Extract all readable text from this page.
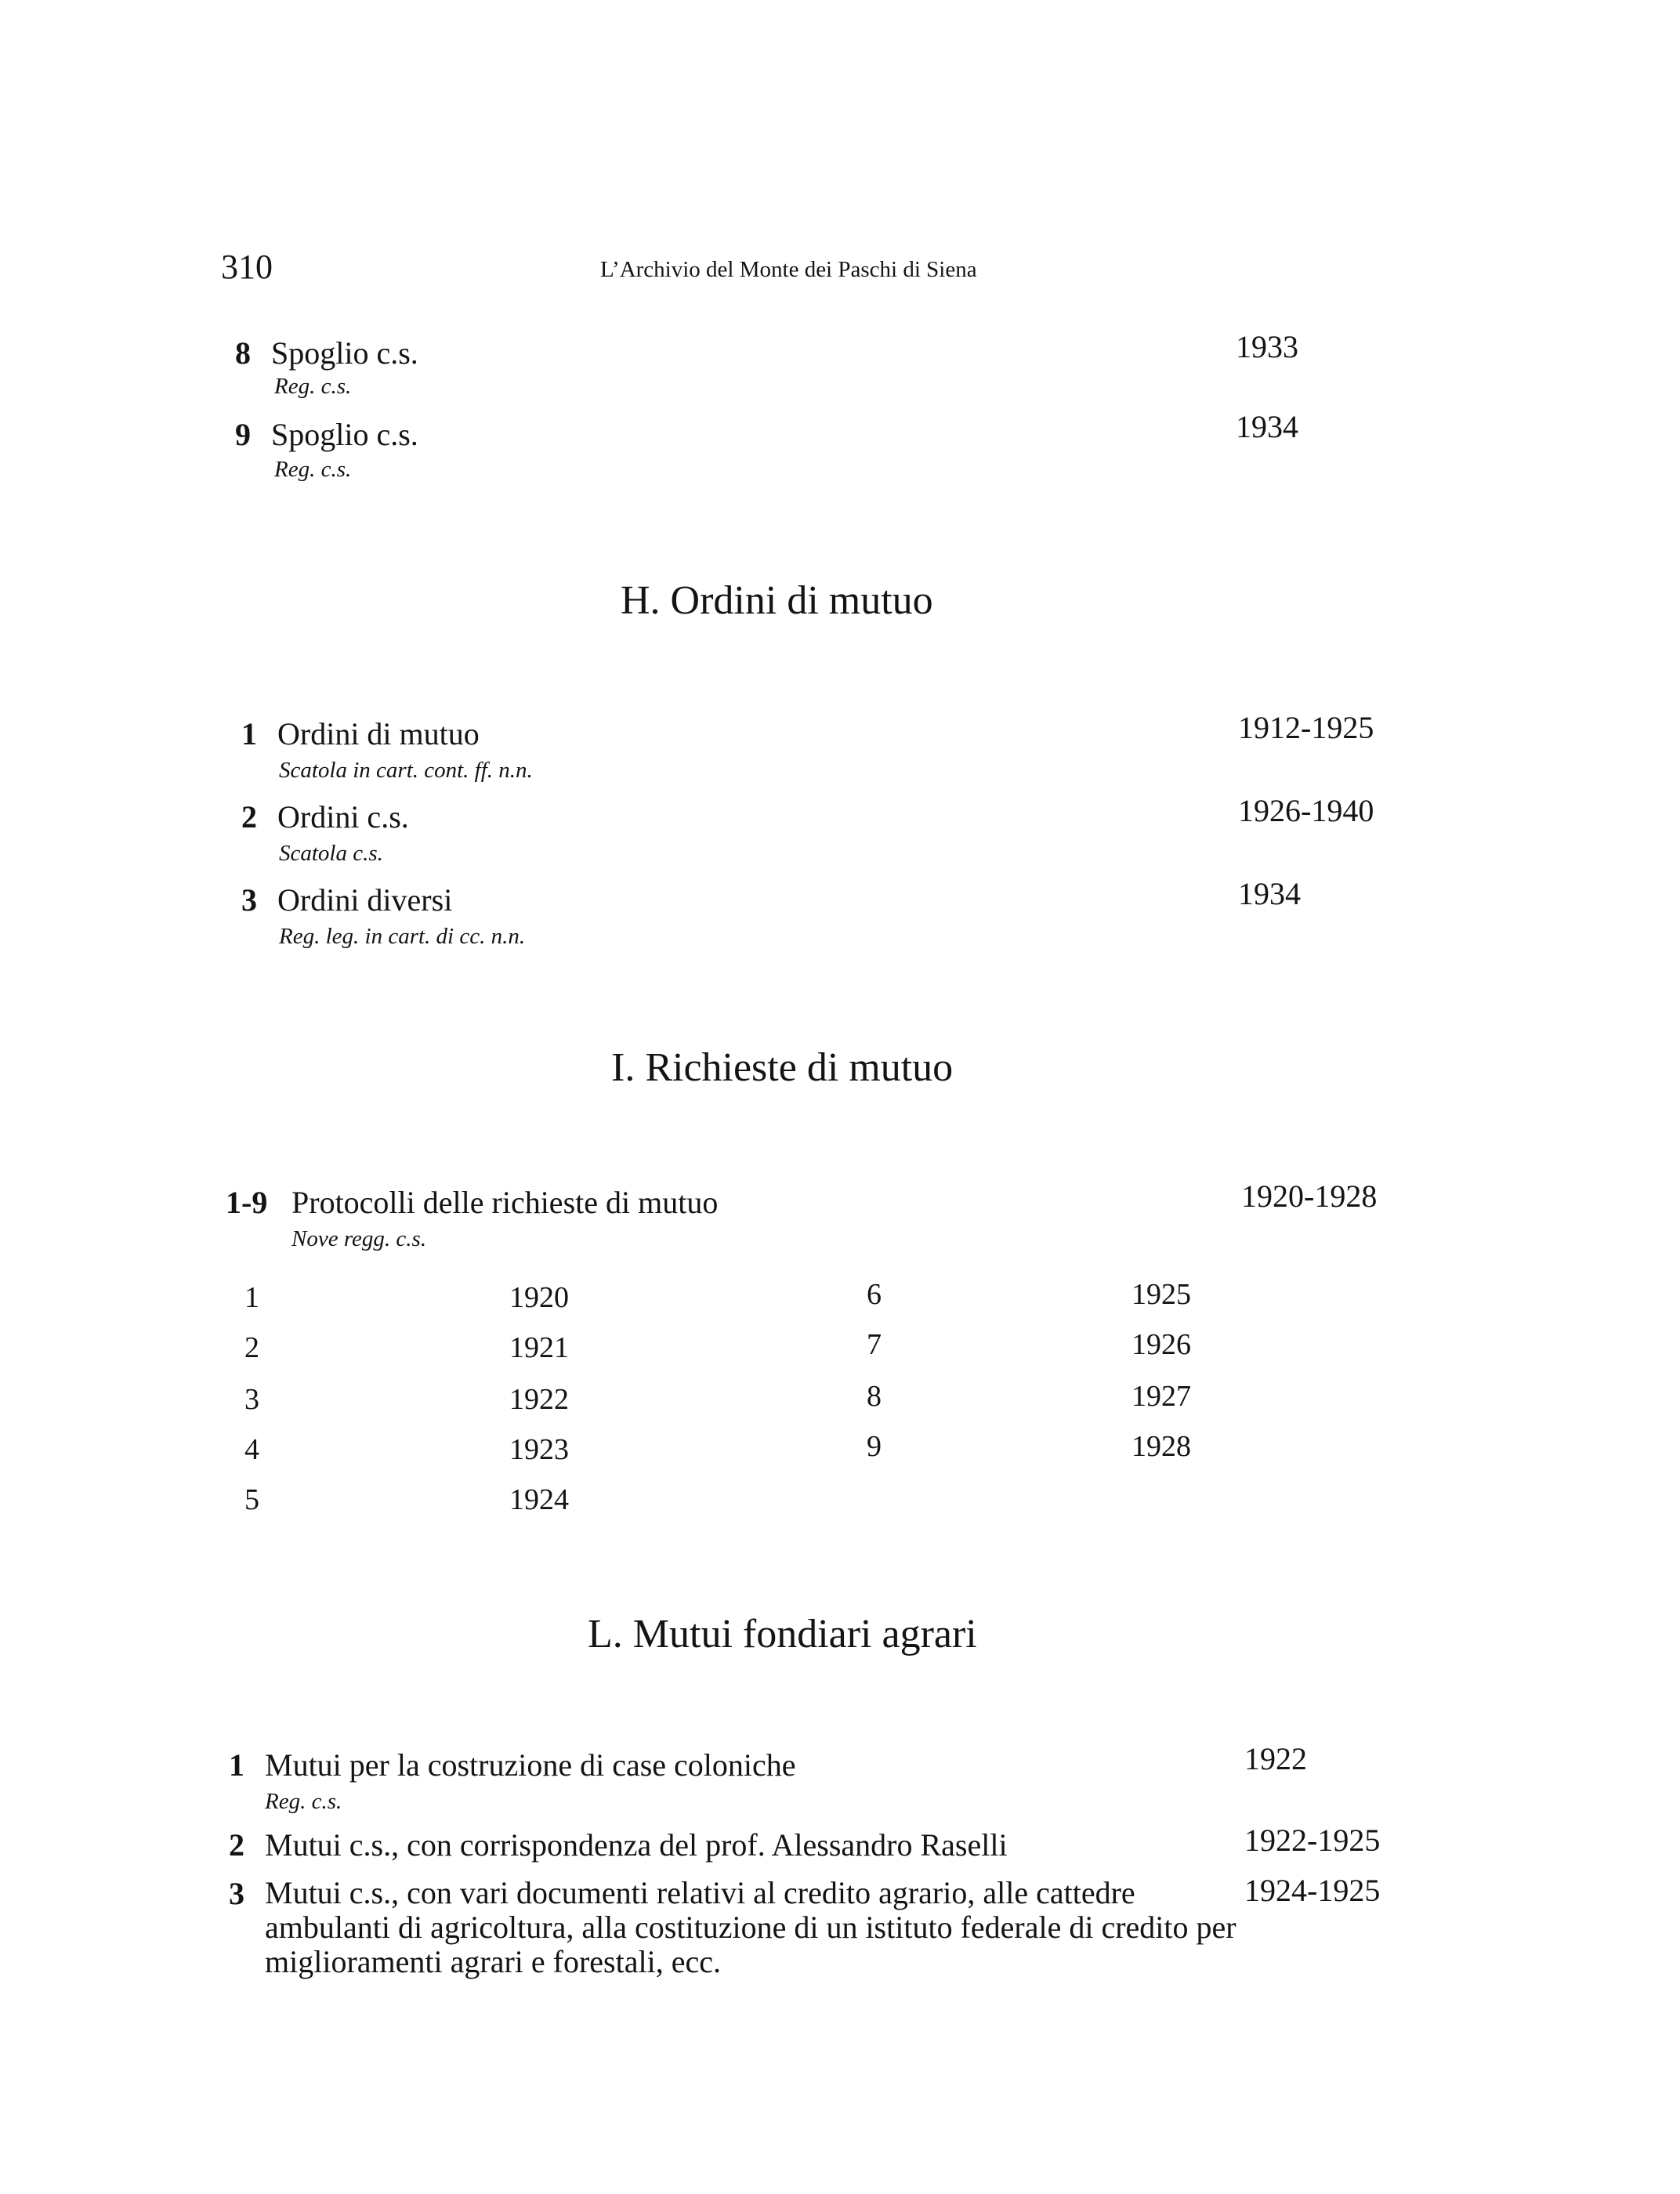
310	L’Archivio del Monte dei Paschi di Siena
8 Spoglio c.s.
Reg. c.s.
1933
9 Spoglio c.s.
Reg. c.s.
1934
H. Ordini di mutuo
1 Ordini di mutuo
Scatola in cart. cont. ff. n.n.
1912-1925
2 Ordini c.s.
Scatola c.s.
1926-1940
3 Ordini diversi
Reg. leg. in cart. di cc. n.n.
1934
I. Richieste di mutuo
1-9 Protocolli delle richieste di mutuo
Nove regg. c.s.
1920-1928
1	1920
2	1921
3	1922
4	1923
5	1924
6	1925
7	1926
8	1927
9	1928
L. Mutui fondiari agrari
1 Mutui per la costruzione di case coloniche
Reg. c.s.
1922
2 Mutui c.s., con corrispondenza del prof. Alessandro Raselli	1922-1925
3 Mutui c.s., con vari documenti relativi al credito agrario, alle cattedre ambulanti di agricoltura, alla costituzione di un istituto federale di credito per miglioramenti agrari e forestali, ecc.
1924-1925
